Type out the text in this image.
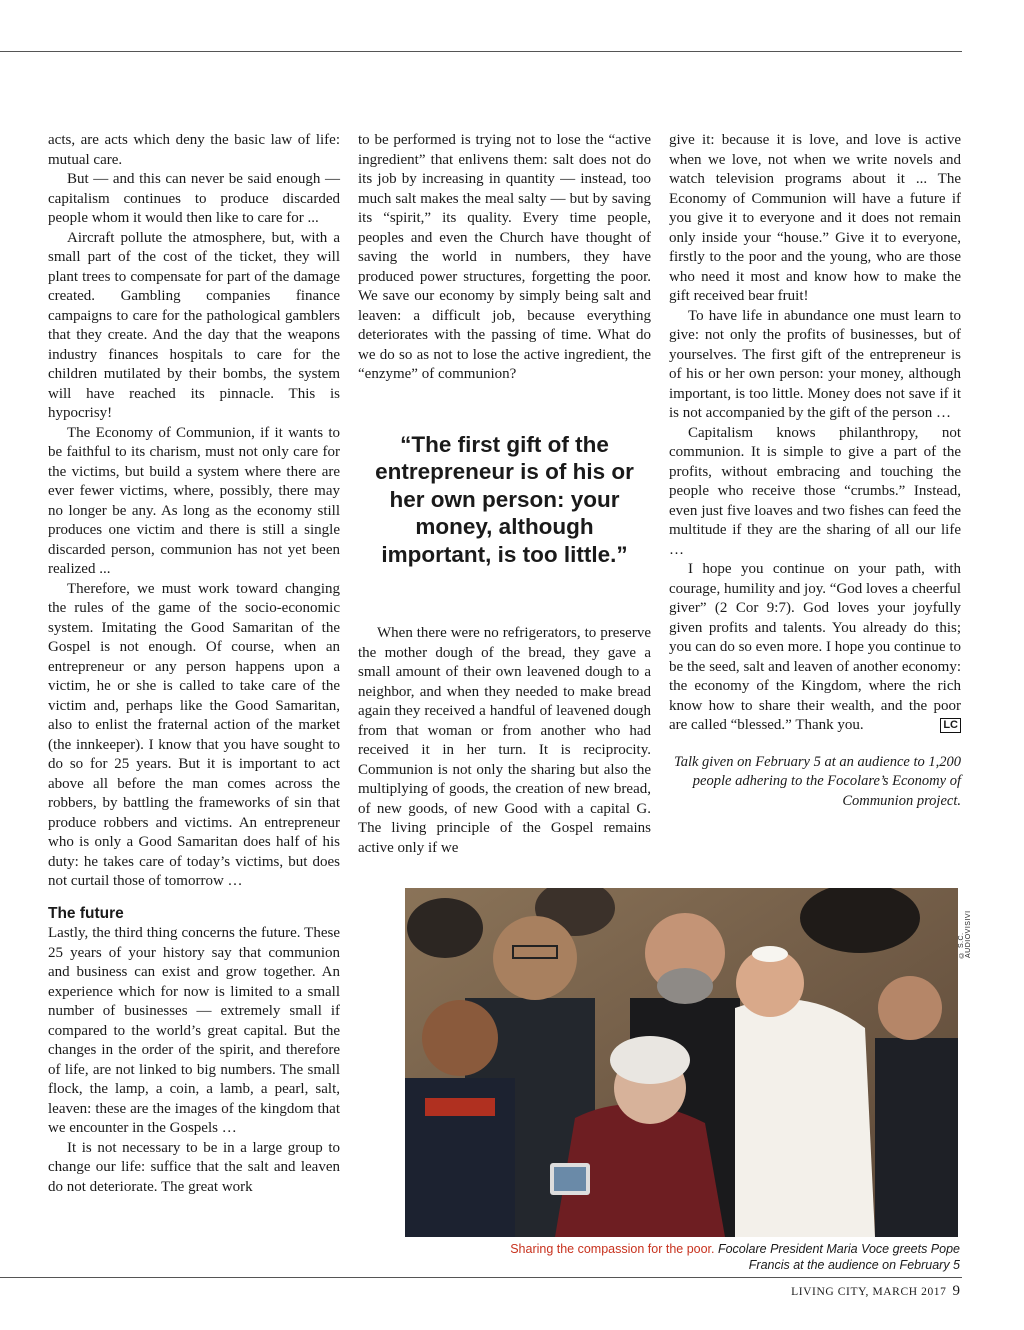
acts, are acts which deny the basic law of life: mutual care.

But — and this can never be said enough — capitalism continues to produce discarded people whom it would then like to care for ...

Aircraft pollute the atmosphere, but, with a small part of the cost of the ticket, they will plant trees to compensate for part of the damage created. Gambling companies finance campaigns to care for the pathological gamblers that they create. And the day that the weapons industry finances hospitals to care for the children mutilated by their bombs, the system will have reached its pinnacle. This is hypocrisy!

The Economy of Communion, if it wants to be faithful to its charism, must not only care for the victims, but build a system where there are ever fewer victims, where, possibly, there may no longer be any. As long as the economy still produces one victim and there is still a single discarded person, communion has not yet been realized ...

Therefore, we must work toward changing the rules of the game of the socio-economic system. Imitating the Good Samaritan of the Gospel is not enough. Of course, when an entrepreneur or any person happens upon a victim, he or she is called to take care of the victim and, perhaps like the Good Samaritan, also to enlist the fraternal action of the market (the innkeeper). I know that you have sought to do so for 25 years. But it is important to act above all before the man comes across the robbers, by battling the frameworks of sin that produce robbers and victims. An entrepreneur who is only a Good Samaritan does half of his duty: he takes care of today’s victims, but does not curtail those of tomorrow …

The future

Lastly, the third thing concerns the future. These 25 years of your history say that communion and business can exist and grow together. An experience which for now is limited to a small number of businesses — extremely small if compared to the world’s great capital. But the changes in the order of the spirit, and therefore of life, are not linked to big numbers. The small flock, the lamp, a coin, a lamb, a pearl, salt, leaven: these are the images of the kingdom that we encounter in the Gospels …

It is not necessary to be in a large group to change our life: suffice that the salt and leaven do not deteriorate. The great work

to be performed is trying not to lose the “active ingredient” that enlivens them: salt does not do its job by increasing in quantity — instead, too much salt makes the meal salty — but by saving its “spirit,” its quality. Every time people, peoples and even the Church have thought of saving the world in numbers, they have produced power structures, forgetting the poor. We save our economy by simply being salt and leaven: a difficult job, because everything deteriorates with the passing of time. What do we do so as not to lose the active ingredient, the “enzyme” of communion?

“The first gift of the entrepreneur is of his or her own person: your money, although important, is too little.”

When there were no refrigerators, to preserve the mother dough of the bread, they gave a small amount of their own leavened dough to a neighbor, and when they needed to make bread again they received a handful of leavened dough from that woman or from another who had received it in her turn. It is reciprocity. Communion is not only the sharing but also the multiplying of goods, the creation of new bread, of new goods, of new Good with a capital G. The living principle of the Gospel remains active only if we

give it: because it is love, and love is active when we love, not when we write novels and watch television programs about it ... The Economy of Communion will have a future if you give it to everyone and it does not remain only inside your “house.” Give it to everyone, firstly to the poor and the young, who are those who need it most and know how to make the gift received bear fruit!

To have life in abundance one must learn to give: not only the profits of businesses, but of yourselves. The first gift of the entrepreneur is of his or her own person: your money, although important, is too little. Money does not save if it is not accompanied by the gift of the person …

Capitalism knows philanthropy, not communion. It is simple to give a part of the profits, without embracing and touching the people who receive those “crumbs.” Instead, even just five loaves and two fishes can feed the multitude if they are the sharing of all our life …

I hope you continue on your path, with courage, humility and joy. “God loves a cheerful giver” (2 Cor 9:7). God loves your joyfully given profits and talents. You already do this; you can do so even more. I hope you continue to be the seed, salt and leaven of another economy: the economy of the Kingdom, where the rich know how to share their wealth, and the poor are called “blessed.” Thank you.	LC

Talk given on February 5 at an audience to 1,200 people adhering to the Focolare’s Economy of Communion project.
© S.C. AUDIOVISIVI
Sharing the compassion for the poor. Focolare President Maria Voce greets Pope Francis at the audience on February 5
LIVING CITY, MARCH 2017 9
